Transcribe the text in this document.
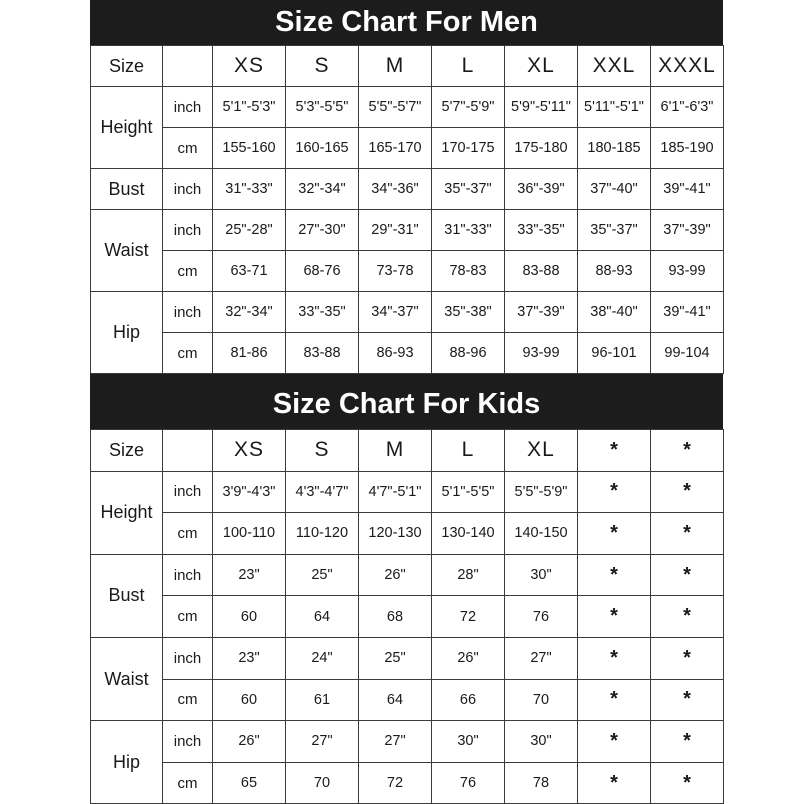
Size Chart For Men
Size		XS	S	M	L	XL	XXL	XXXL
Height	inch	5'1"-5'3"	5'3"-5'5"	5'5"-5'7"	5'7"-5'9"	5'9"-5'11"	5'11"-5'1"	6'1"-6'3"
	cm	155-160	160-165	165-170	170-175	175-180	180-185	185-190
Bust	inch	31"-33"	32"-34"	34"-36"	35"-37"	36"-39"	37"-40"	39"-41"
Waist	inch	25"-28"	27"-30"	29"-31"	31"-33"	33"-35"	35"-37"	37"-39"
	cm	63-71	68-76	73-78	78-83	83-88	88-93	93-99
Hip	inch	32"-34"	33"-35"	34"-37"	35"-38"	37"-39"	38"-40"	39"-41"
	cm	81-86	83-88	86-93	88-96	93-99	96-101	99-104
Size Chart For Kids
Size		XS	S	M	L	XL	*	*
Height	inch	3'9"-4'3"	4'3"-4'7"	4'7"-5'1"	5'1"-5'5"	5'5"-5'9"	*	*
	cm	100-110	110-120	120-130	130-140	140-150	*	*
Bust	inch	23"	25"	26"	28"	30"	*	*
	cm	60	64	68	72	76	*	*
Waist	inch	23"	24"	25"	26"	27"	*	*
	cm	60	61	64	66	70	*	*
Hip	inch	26"	27"	27"	30"	30"	*	*
	cm	65	70	72	76	78	*	*
